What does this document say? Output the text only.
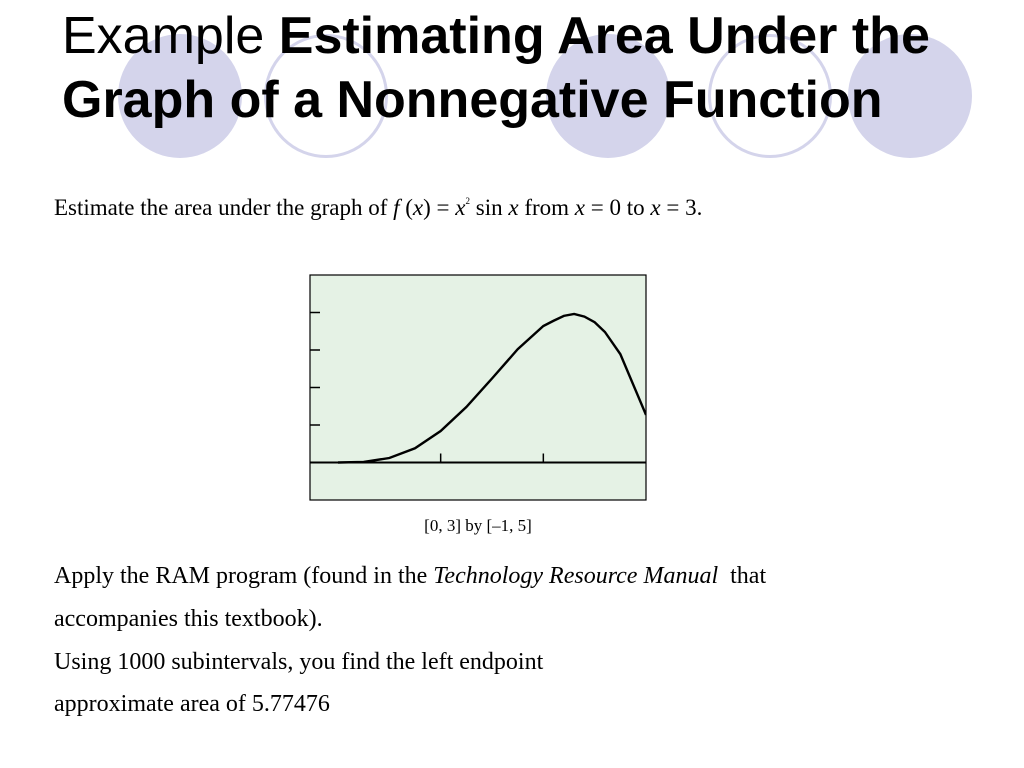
Example Estimating Area Under the Graph of a Nonnegative Function
Estimate the area under the graph of f $(x) = x^2$ sin x from x = 0 to x = 3.
[0, 3] by [–1, 5]
Apply the RAM program (found in the Technology Resource Manual that
accompanies this textbook).
Using 1000 subintervals, you find the left endpoint
approximate area of 5.77476
